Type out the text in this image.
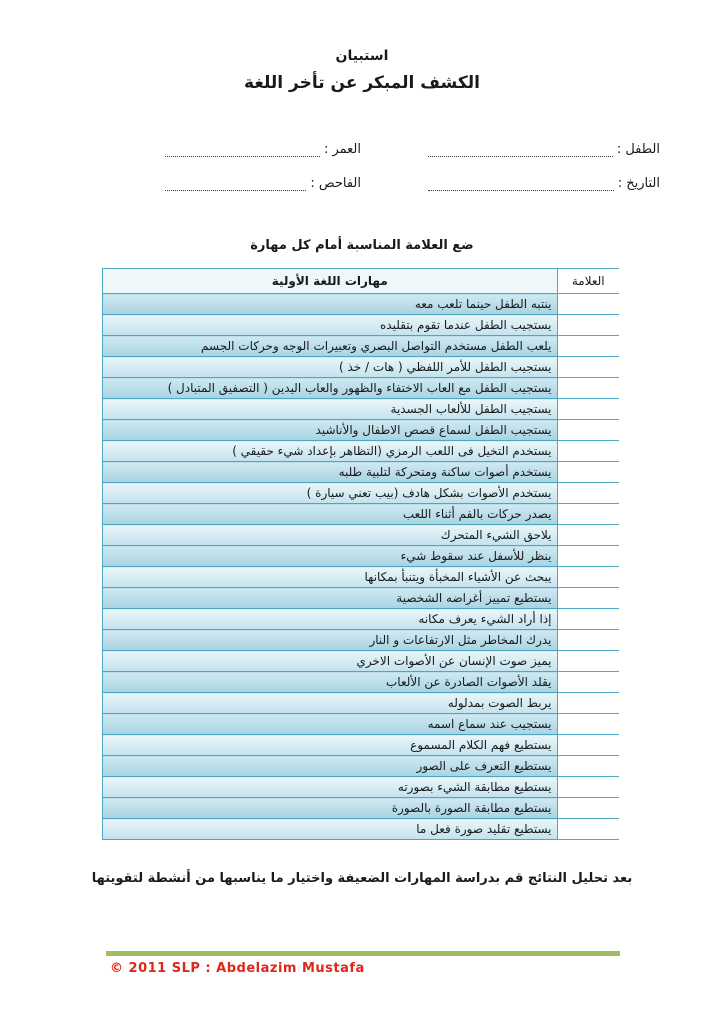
استبيان
الكشف المبكر عن تأخر اللغة
الطفل :
العمر :
التاريخ :
الفاحص :
ضع العلامة المناسبة أمام كل مهارة
العلامة	مهارات اللغة الأولية
	ينتبه الطفل حينما تلعب معه
	يستجيب الطفل عندما تقوم بتقليده
	يلعب الطفل مستخدم التواصل البصري وتعبيرات الوجه وحركات الجسم
	يستجيب الطفل للأمر اللفظي ( هات / خذ )
	يستجيب الطفل مع العاب الاختفاء والظهور والعاب اليدين ( التصفيق المتبادل )
	يستجيب الطفل للألعاب الجسدية
	يستجيب الطفل لسماع قصص الاطفال والأناشيد
	يستخدم التخيل فى اللعب الرمزي (التظاهر بإعداد شيء حقيقي )
	يستخدم أصوات ساكنة ومتحركة لتلبية طلبه
	يستخدم الأصوات بشكل هادف (بيب تعني سيارة )
	يصدر حركات بالفم أثناء اللعب
	يلاحق الشيء المتحرك
	ينظر للأسفل عند سقوط شيء
	يبحث عن الأشياء المخبأة ويتنبأ بمكانها
	يستطيع تمييز أغراضه الشخصية
	إذا أراد الشيء يعرف مكانه
	يدرك المخاطر مثل الارتفاعات و النار
	يميز صوت الإنسان عن الأصوات الاخري
	يقلد الأصوات الصادرة عن الألعاب
	يربط الصوت بمدلوله
	يستجيب عند سماع اسمه
	يستطيع فهم الكلام المسموع
	يستطيع التعرف على الصور
	يستطيع مطابقة الشيء بصورته
	يستطيع مطابقة الصورة بالصورة
	يستطيع تقليد صورة فعل ما
بعد تحليل النتائج قم بدراسة المهارات الضعيفة واختيار ما يناسبها من أنشطة لتقويتها
© 2011 SLP : Abdelazim Mustafa
